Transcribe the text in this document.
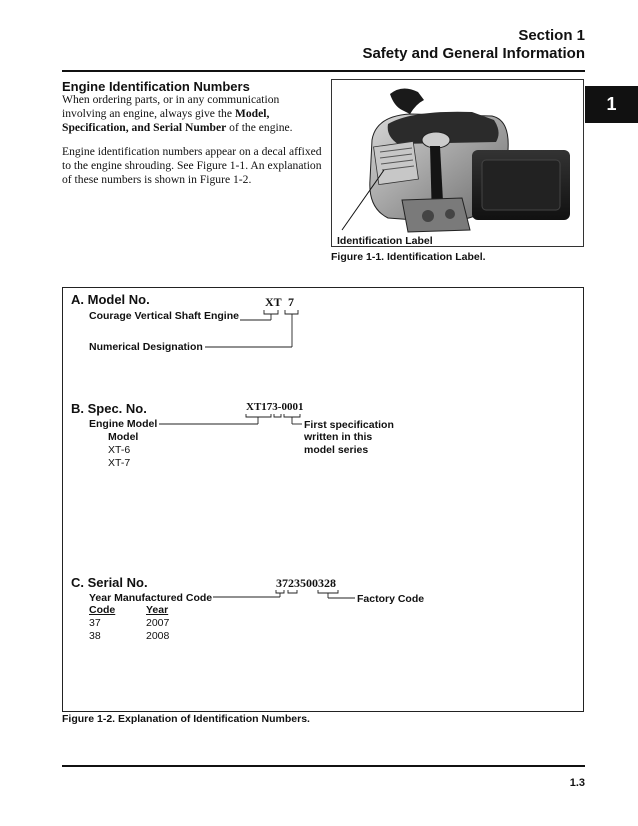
Section 1
Safety and General Information
1
Engine Identification Numbers
When ordering parts, or in any communication involving an engine, always give the Model, Specification, and Serial Number of the engine.
Engine identification numbers appear on a decal affixed to the engine shrouding. See Figure 1-1. An explanation of these numbers is shown in Figure 1-2.
Identification Label
Figure 1-1. Identification Label.
A. Model No.	XT 7
Courage Vertical Shaft Engine
Numerical Designation
B. Spec. No.	XT173-0001
Engine Model
Model
XT-6
XT-7
First specification
written in this
model series
C. Serial No.	3723500328
Year Manufactured Code
Code	Year
37	2007
38	2008
Factory Code
Figure 1-2. Explanation of Identification Numbers.
1.3
